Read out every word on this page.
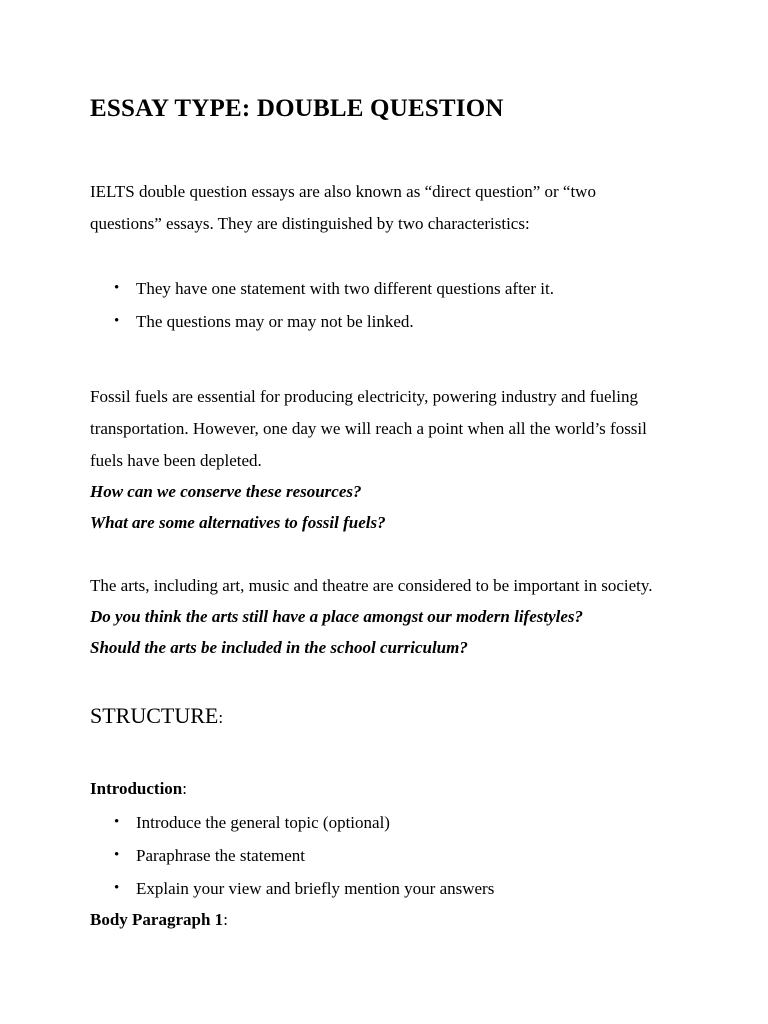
ESSAY TYPE: DOUBLE QUESTION
IELTS double question essays are also known as “direct question” or “two
questions” essays. They are distinguished by two characteristics:
• They have one statement with two different questions after it.
• The questions may or may not be linked.
Fossil fuels are essential for producing electricity, powering industry and fueling
transportation. However, one day we will reach a point when all the world’s fossil
fuels have been depleted.
How can we conserve these resources?
What are some alternatives to fossil fuels?
The arts, including art, music and theatre are considered to be important in society.
Do you think the arts still have a place amongst our modern lifestyles?
Should the arts be included in the school curriculum?
STRUCTURE:
Introduction:
• Introduce the general topic (optional)
• Paraphrase the statement
• Explain your view and briefly mention your answers
Body Paragraph 1:
